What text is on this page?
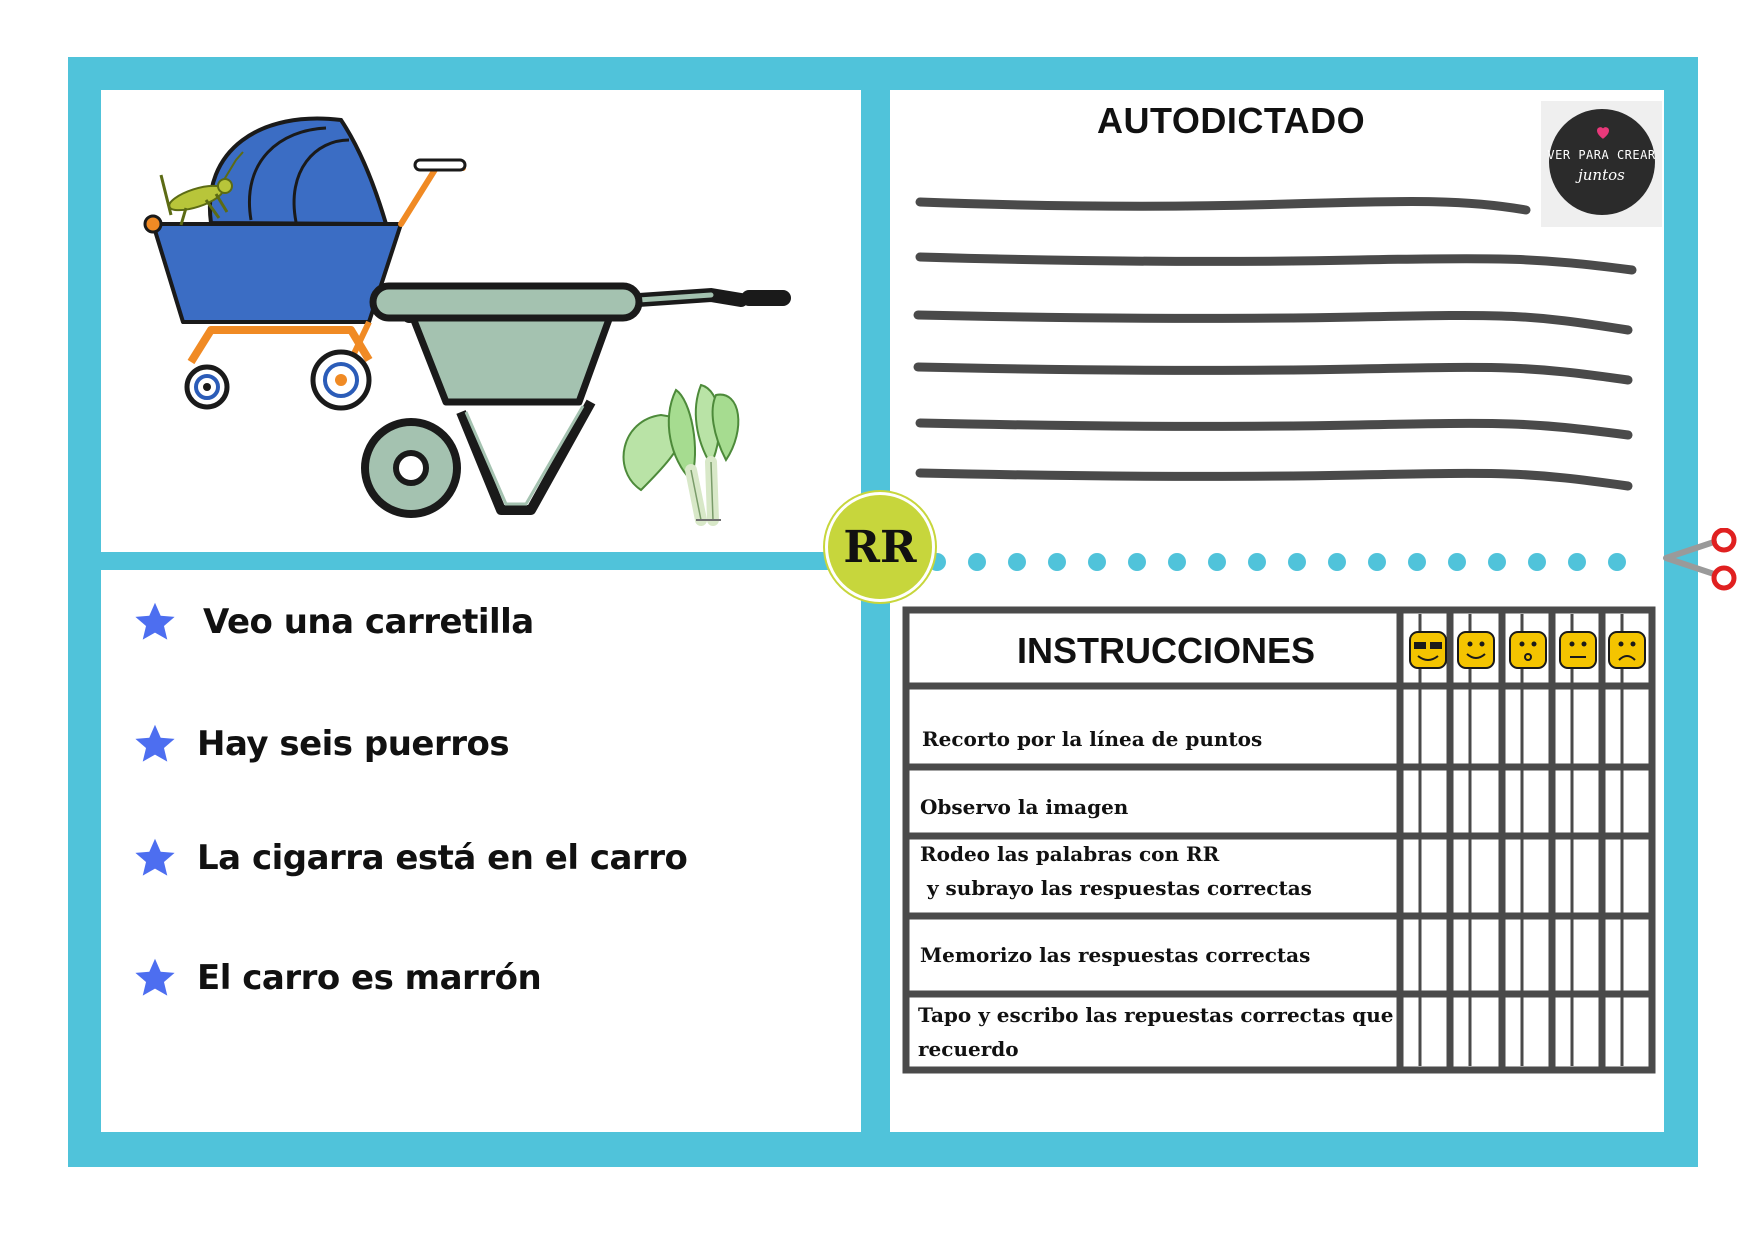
Veo una carretilla
Hay seis puerros
La cigarra está en el carro
El carro es marrón
AUTODICTADO
VER PARA CREAR
juntos
RR
INSTRUCCIONES
Recorto por la línea de puntos
Observo la imagen
Rodeo las palabras con RR
y subrayo las respuestas correctas
Memorizo las respuestas correctas
Tapo y escribo las repuestas correctas que
recuerdo
